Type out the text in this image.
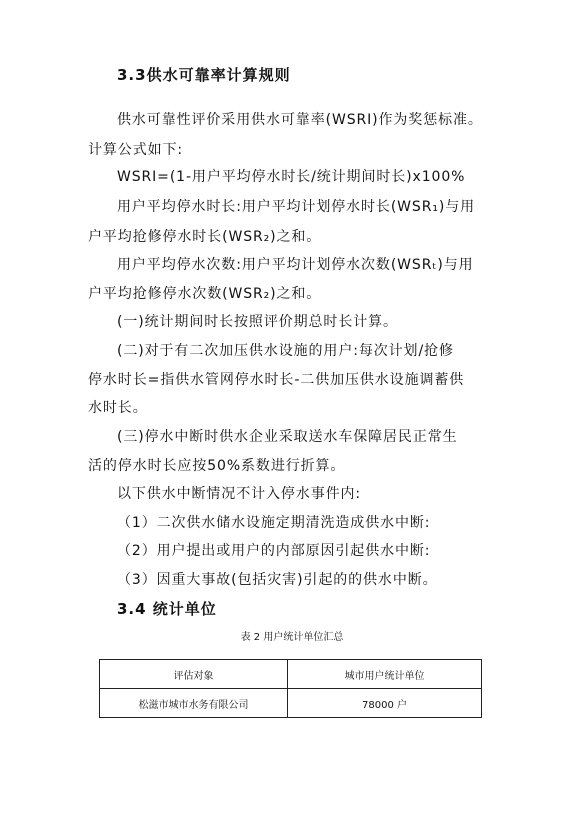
3.3供水可靠率计算规则
供水可靠性评价采用供水可靠率(WSRI)作为奖惩标准。
计算公式如下:
WSRI=(1-用户平均停水时长/统计期间时长)x100%
用户平均停水时长:用户平均计划停水时长(WSR₁)与用
户平均抢修停水时长(WSR₂)之和。
用户平均停水次数:用户平均计划停水次数(WSRₜ)与用
户平均抢修停水次数(WSR₂)之和。
(一)统计期间时长按照评价期总时长计算。
(二)对于有二次加压供水设施的用户:每次计划/抢修
停水时长=指供水管网停水时长-二供加压供水设施调蓄供
水时长。
(三)停水中断时供水企业采取送水车保障居民正常生
活的停水时长应按50%系数进行折算。
以下供水中断情况不计入停水事件内:
（1）二次供水储水设施定期清洗造成供水中断:
（2）用户提出或用户的内部原因引起供水中断:
（3）因重大事故(包括灾害)引起的的供水中断。
3.4 统计单位
表 2 用户统计单位汇总
评估对象	城市用户统计单位
松滋市城市水务有限公司	78000 户
